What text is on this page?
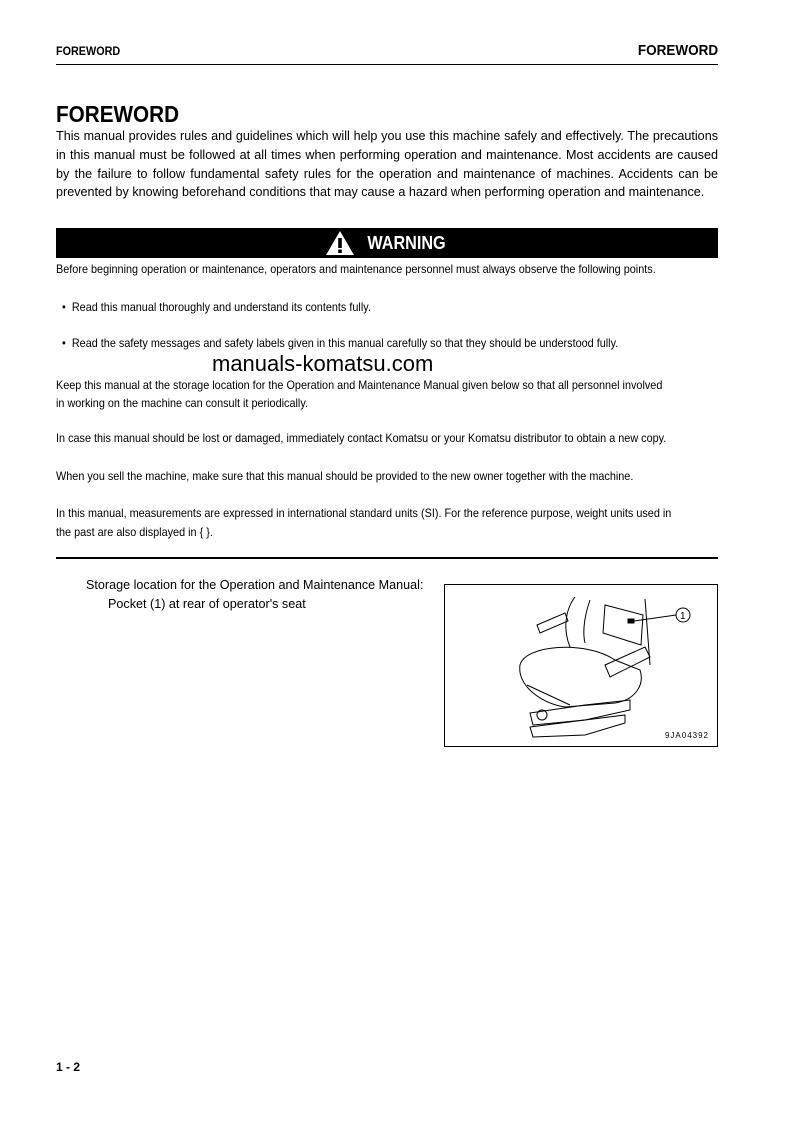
FOREWORD	FOREWORD
FOREWORD
This manual provides rules and guidelines which will help you use this machine safely and effectively. The precautions in this manual must be followed at all times when performing operation and maintenance. Most accidents are caused by the failure to follow fundamental safety rules for the operation and maintenance of machines. Accidents can be prevented by knowing beforehand conditions that may cause a hazard when performing operation and maintenance.
WARNING
Before beginning operation or maintenance, operators and maintenance personnel must always observe the following points.
•  Read this manual thoroughly and understand its contents fully.
•  Read the safety messages and safety labels given in this manual carefully so that they should be understood fully.
manuals-komatsu.com
Keep this manual at the storage location for the Operation and Maintenance Manual given below so that all personnel involved
in working on the machine can consult it periodically.
In case this manual should be lost or damaged, immediately contact Komatsu or your Komatsu distributor to obtain a new copy.
When you sell the machine, make sure that this manual should be provided to the new owner together with the machine.
In this manual, measurements are expressed in international standard units (SI). For the reference purpose, weight units used in
the past are also displayed in { }.
Storage location for the Operation and Maintenance Manual:
Pocket (1) at rear of operator's seat
1
9JA04392
1 - 2
